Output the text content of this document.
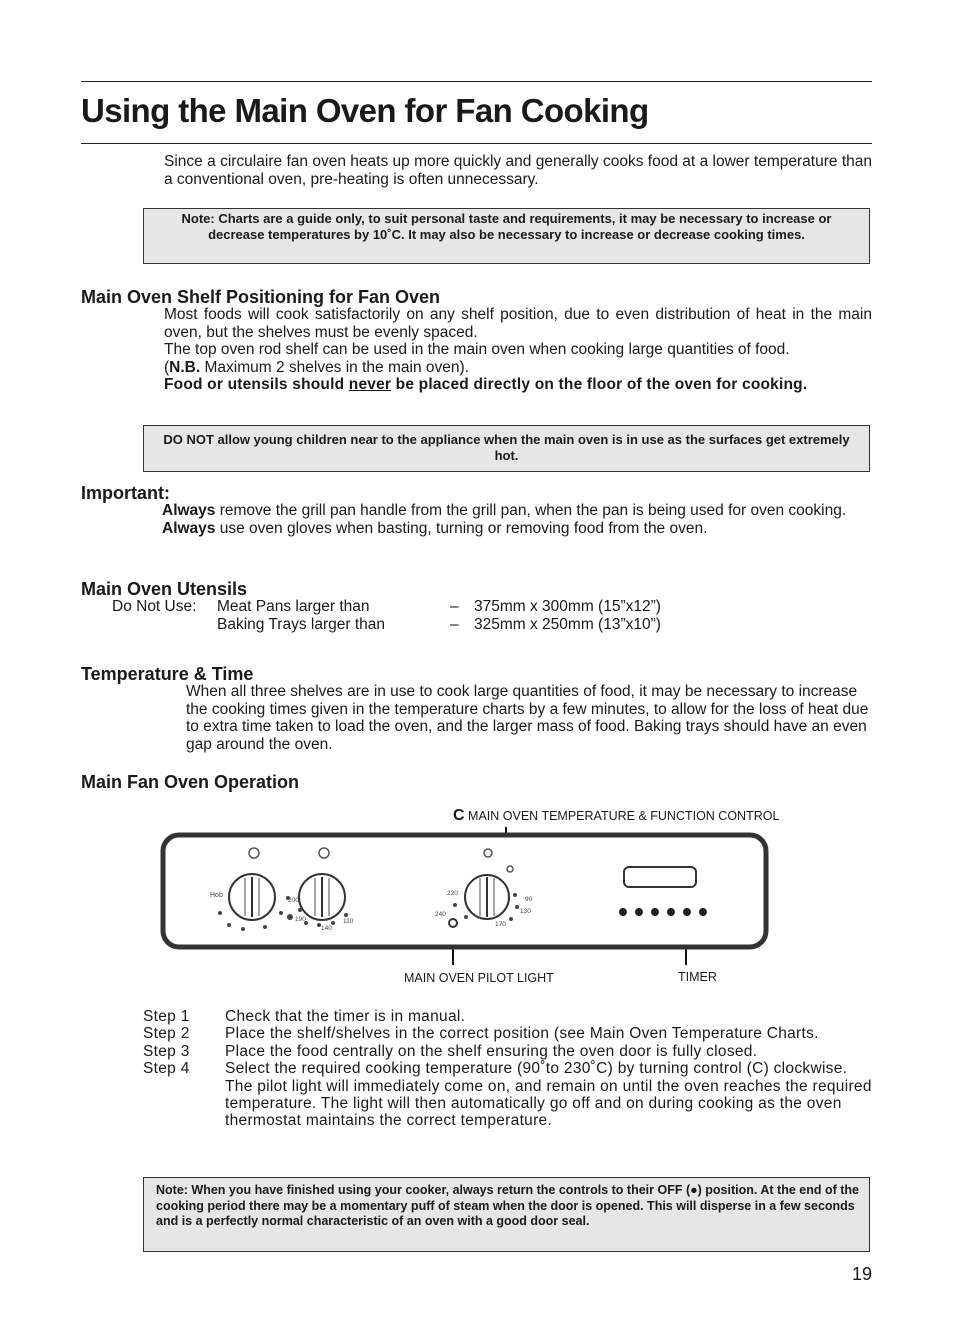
Using the Main Oven for Fan Cooking

Since a circulaire fan oven heats up more quickly and generally cooks food at a lower temperature than a conventional oven, pre-heating is often unnecessary.

Note: Charts are a guide only, to suit personal taste and requirements, it may be necessary to increase or decrease temperatures by 10˚C. It may also be necessary to increase or decrease cooking times.
Main Oven Shelf Positioning for Fan Oven

Most foods will cook satisfactorily on any shelf position, due to even distribution of heat in the main oven, but the shelves must be evenly spaced.

The top oven rod shelf can be used in the main oven when cooking large quantities of food.
(N.B. Maximum 2 shelves in the main oven).

Food or utensils should never be placed directly on the floor of the oven for cooking.

DO NOT allow young children near to the appliance when the main oven is in use as the surfaces get extremely hot.
Important:

Always remove the grill pan handle from the grill pan, when the pan is being used for oven cooking.

Always use oven gloves when basting, turning or removing food from the oven.

Main Oven Utensils
Do Not Use: Meat Pans larger than	– 375mm x 300mm (15”x12”)
Baking Trays larger than	– 325mm x 250mm (13”x10”)
Temperature & Time

When all three shelves are in use to cook large quantities of food, it may be necessary to increase the cooking times given in the temperature charts by a few minutes, to allow for the loss of heat due to extra time taken to load the oven, and the larger mass of food. Baking trays should have an even gap around the oven.

Main Fan Oven Operation
C MAIN OVEN TEMPERATURE & FUNCTION CONTROL
MAIN OVEN PILOT LIGHT	TIMER
Hob
200
190
140
110
220
240
170
90
130
Step 1	Check that the timer is in manual.
Step 2	Place the shelf/shelves in the correct position (see Main Oven Temperature Charts.
Step 3	Place the food centrally on the shelf ensuring the oven door is fully closed.
Step 4	Select the required cooking temperature (90˚to 230˚C) by turning control (C) clockwise. The pilot light will immediately come on, and remain on until the oven reaches the required temperature. The light will then automatically go off and on during cooking as the oven thermostat maintains the correct temperature.
Note: When you have finished using your cooker, always return the controls to their OFF (●) position. At the end of the cooking period there may be a momentary puff of steam when the door is opened. This will disperse in a few seconds and is a perfectly normal characteristic of an oven with a good door seal.
19
